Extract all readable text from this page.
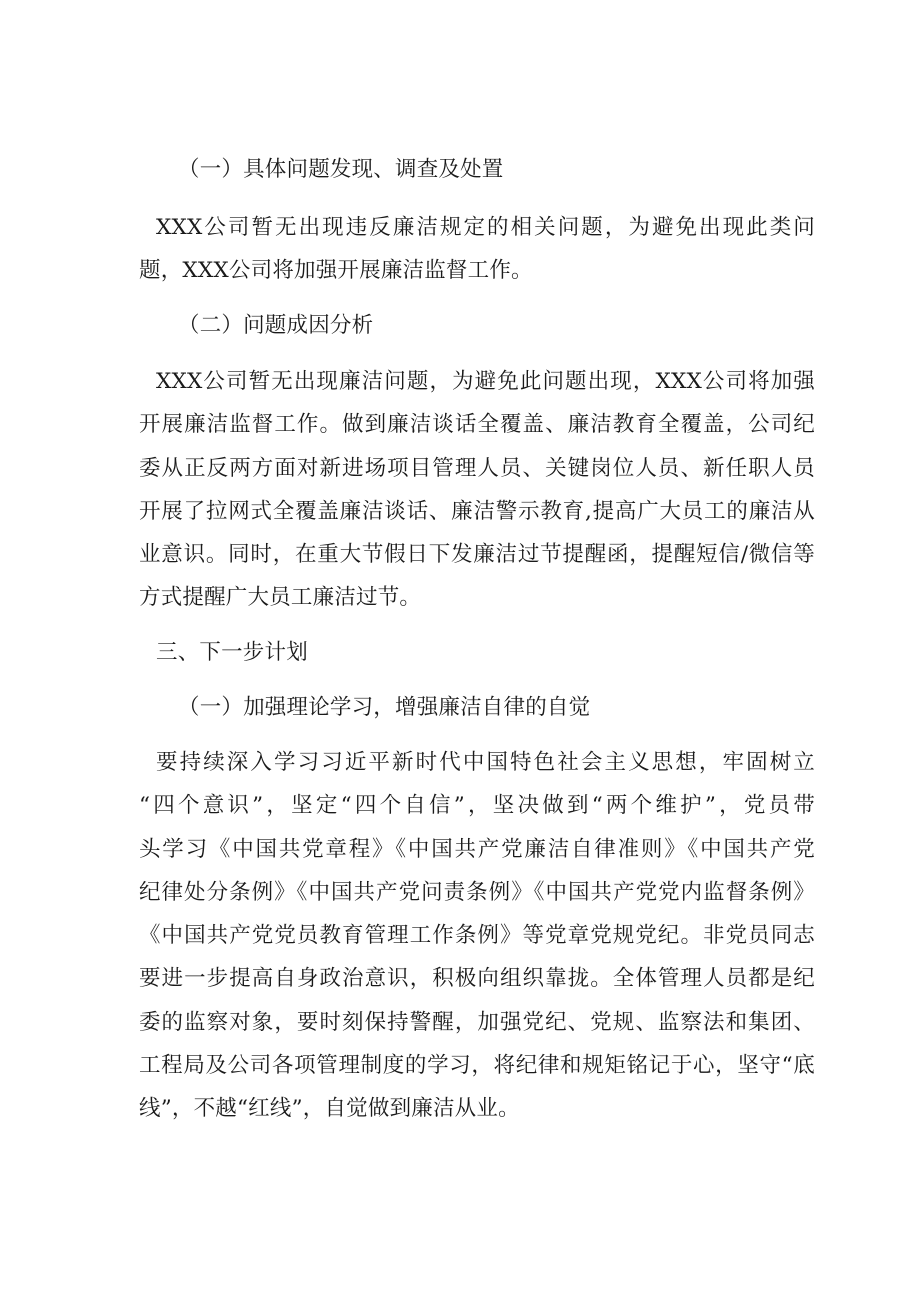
（一）具体问题发现、调查及处置
XXX公司暂无出现违反廉洁规定的相关问题，为避免出现此类问
题，XXX公司将加强开展廉洁监督工作。
（二）问题成因分析
XXX公司暂无出现廉洁问题，为避免此问题出现，XXX公司将加强
开展廉洁监督工作。做到廉洁谈话全覆盖、廉洁教育全覆盖，公司纪
委从正反两方面对新进场项目管理人员、关键岗位人员、新任职人员
开展了拉网式全覆盖廉洁谈话、廉洁警示教育,提高广大员工的廉洁从
业意识。同时，在重大节假日下发廉洁过节提醒函，提醒短信/微信等
方式提醒广大员工廉洁过节。
三、下一步计划
（一）加强理论学习，增强廉洁自律的自觉
要持续深入学习习近平新时代中国特色社会主义思想，牢固树立
“四个意识”，坚定“四个自信”，坚决做到“两个维护”，党员带
头学习《中国共党章程》《中国共产党廉洁自律准则》《中国共产党
纪律处分条例》《中国共产党问责条例》《中国共产党党内监督条例》
《中国共产党党员教育管理工作条例》等党章党规党纪。非党员同志
要进一步提高自身政治意识，积极向组织靠拢。全体管理人员都是纪
委的监察对象，要时刻保持警醒，加强党纪、党规、监察法和集团、
工程局及公司各项管理制度的学习，将纪律和规矩铭记于心，坚守“底
线”，不越“红线”，自觉做到廉洁从业。
